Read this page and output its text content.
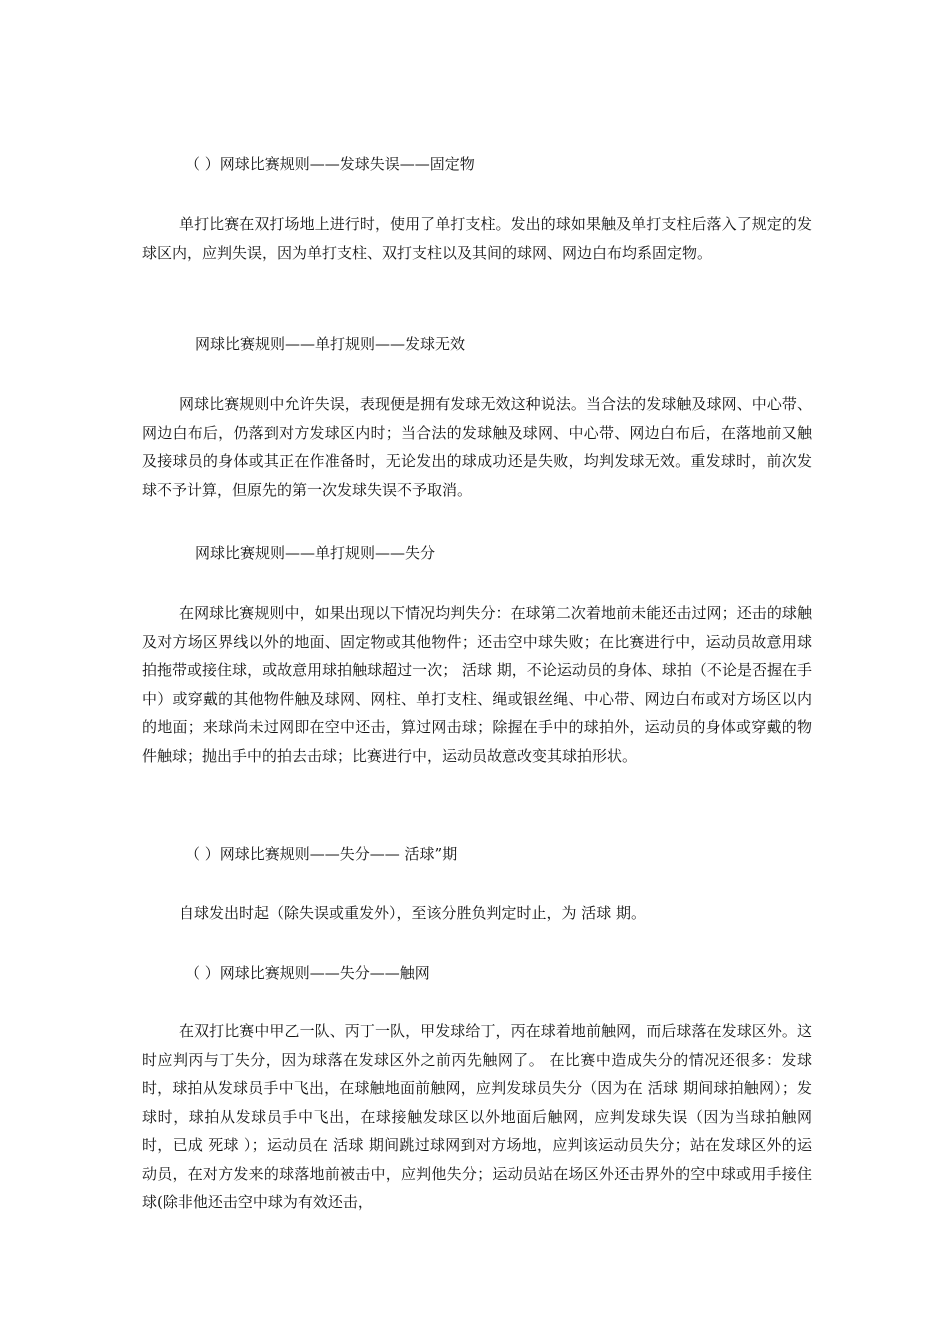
（ ）网球比赛规则——发球失误——固定物

单打比赛在双打场地上进行时，使用了单打支柱。发出的球如果触及单打支柱后落入了规定的发球区内，应判失误，因为单打支柱、双打支柱以及其间的球网、网边白布均系固定物。

网球比赛规则——单打规则——发球无效

网球比赛规则中允许失误，表现便是拥有发球无效这种说法。当合法的发球触及球网、中心带、网边白布后，仍落到对方发球区内时；当合法的发球触及球网、中心带、网边白布后，在落地前又触及接球员的身体或其正在作准备时，无论发出的球成功还是失败，均判发球无效。重发球时，前次发球不予计算，但原先的第一次发球失误不予取消。

网球比赛规则——单打规则——失分

在网球比赛规则中，如果出现以下情况均判失分：在球第二次着地前未能还击过网；还击的球触及对方场区界线以外的地面、固定物或其他物件；还击空中球失败；在比赛进行中，运动员故意用球拍拖带或接住球，或故意用球拍触球超过一次； 活球 期，不论运动员的身体、球拍（不论是否握在手中）或穿戴的其他物件触及球网、网柱、单打支柱、绳或银丝绳、中心带、网边白布或对方场区以内的地面；来球尚未过网即在空中还击，算过网击球；除握在手中的球拍外，运动员的身体或穿戴的物件触球；抛出手中的拍去击球；比赛进行中，运动员故意改变其球拍形状。

（ ）网球比赛规则——失分—— 活球”期

自球发出时起（除失误或重发外），至该分胜负判定时止，为 活球 期。

（ ）网球比赛规则——失分——触网

在双打比赛中甲乙一队、丙丁一队，甲发球给丁，丙在球着地前触网，而后球落在发球区外。这时应判丙与丁失分，因为球落在发球区外之前丙先触网了。 在比赛中造成失分的情况还很多：发球时，球拍从发球员手中飞出，在球触地面前触网，应判发球员失分（因为在 活球 期间球拍触网）；发球时，球拍从发球员手中飞出，在球接触发球区以外地面后触网，应判发球失误（因为当球拍触网时，已成 死球 ）；运动员在 活球 期间跳过球网到对方场地，应判该运动员失分；站在发球区外的运动员，在对方发来的球落地前被击中，应判他失分；运动员站在场区外还击界外的空中球或用手接住球(除非他还击空中球为有效还击，
